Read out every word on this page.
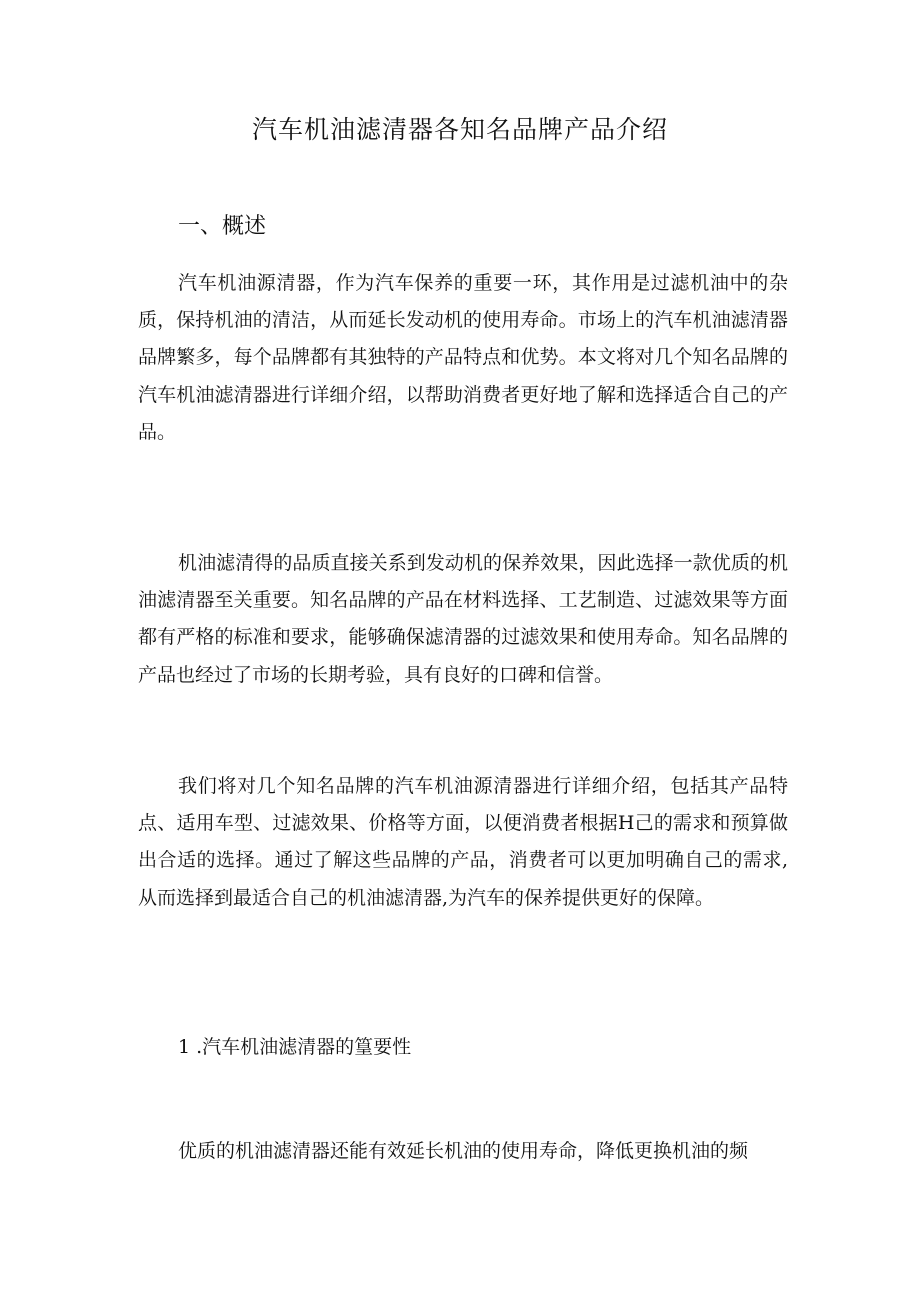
汽车机油滤清器各知名品牌产品介绍
一、概述

汽车机油源清器，作为汽车保养的重要一环，其作用是过滤机油中的杂质，保持机油的清洁，从而延长发动机的使用寿命。市场上的汽车机油滤清器品牌繁多，每个品牌都有其独特的产品特点和优势。本文将对几个知名品牌的汽车机油滤清器进行详细介绍，以帮助消费者更好地了解和选择适合自己的产品。

机油滤清得的品质直接关系到发动机的保养效果，因此选择一款优质的机油滤清器至关重要。知名品牌的产品在材料选择、工艺制造、过滤效果等方面都有严格的标准和要求，能够确保滤清器的过滤效果和使用寿命。知名品牌的产品也经过了市场的长期考验，具有良好的口碑和信誉。

我们将对几个知名品牌的汽车机油源清器进行详细介绍，包括其产品特点、适用车型、过滤效果、价格等方面，以便消费者根据H己的需求和预算做出合适的选择。通过了解这些品牌的产品，消费者可以更加明确自己的需求,从而选择到最适合自己的机油滤清器,为汽车的保养提供更好的保障。

1 .汽车机油滤清器的篁要性

优质的机油滤清器还能有效延长机油的使用寿命，降低更换机油的频
